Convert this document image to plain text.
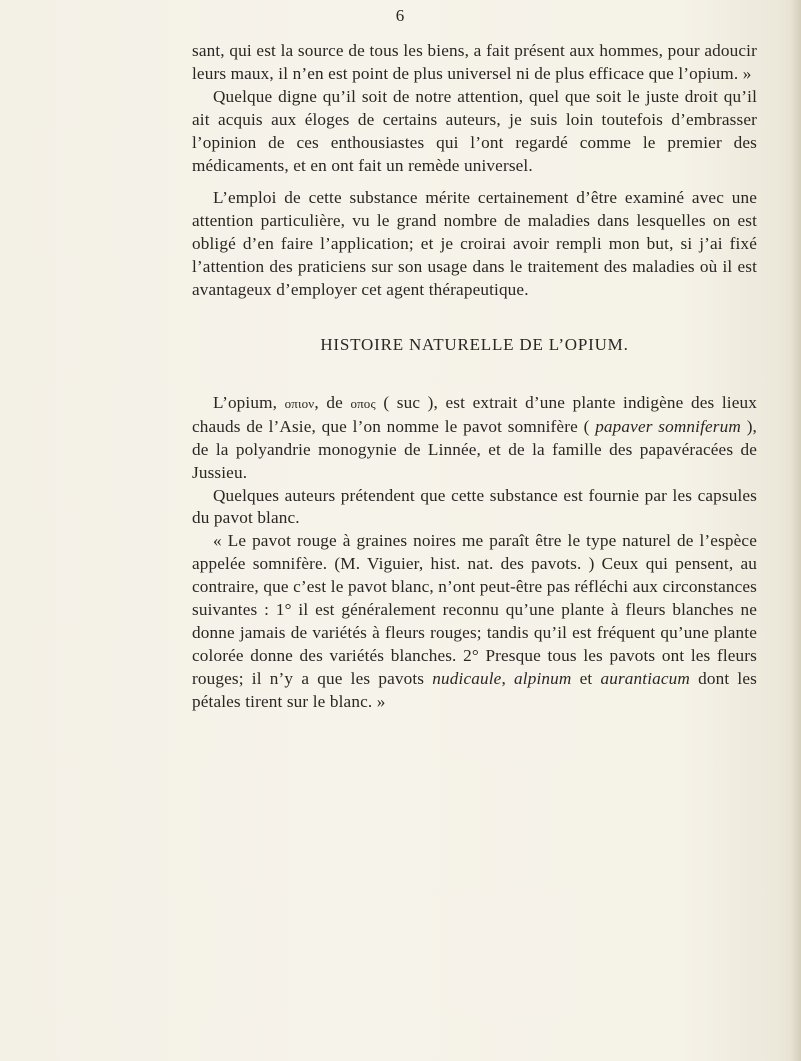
6

sant, qui est la source de tous les biens, a fait présent aux hommes, pour adoucir leurs maux, il n’en est point de plus universel ni de plus efficace que l’opium. »

Quelque digne qu’il soit de notre attention, quel que soit le juste droit qu’il ait acquis aux éloges de certains auteurs, je suis loin toutefois d’embrasser l’opinion de ces enthousiastes qui l’ont regardé comme le premier des médicaments, et en ont fait un remède universel.

L’emploi de cette substance mérite certainement d’être examiné avec une attention particulière, vu le grand nombre de maladies dans lesquelles on est obligé d’en faire l’application; et je croirai avoir rempli mon but, si j’ai fixé l’attention des praticiens sur son usage dans le traitement des maladies où il est avantageux d’employer cet agent thérapeutique.

HISTOIRE NATURELLE DE L’OPIUM.

L’opium, οπιον, de οπος ( suc ), est extrait d’une plante indigène des lieux chauds de l’Asie, que l’on nomme le pavot somnifère ( papaver somniferum ), de la polyandrie monogynie de Linnée, et de la famille des papavéracées de Jussieu.

Quelques auteurs prétendent que cette substance est fournie par les capsules du pavot blanc.

« Le pavot rouge à graines noires me paraît être le type naturel de l’espèce appelée somnifère. (M. Viguier, hist. nat. des pavots. ) Ceux qui pensent, au contraire, que c’est le pavot blanc, n’ont peut-être pas réfléchi aux circonstances suivantes : 1° il est généralement reconnu qu’une plante à fleurs blanches ne donne jamais de variétés à fleurs rouges; tandis qu’il est fréquent qu’une plante colorée donne des variétés blanches. 2° Presque tous les pavots ont les fleurs rouges; il n’y a que les pavots nudicaule, alpinum et aurantiacum dont les pétales tirent sur le blanc. »
